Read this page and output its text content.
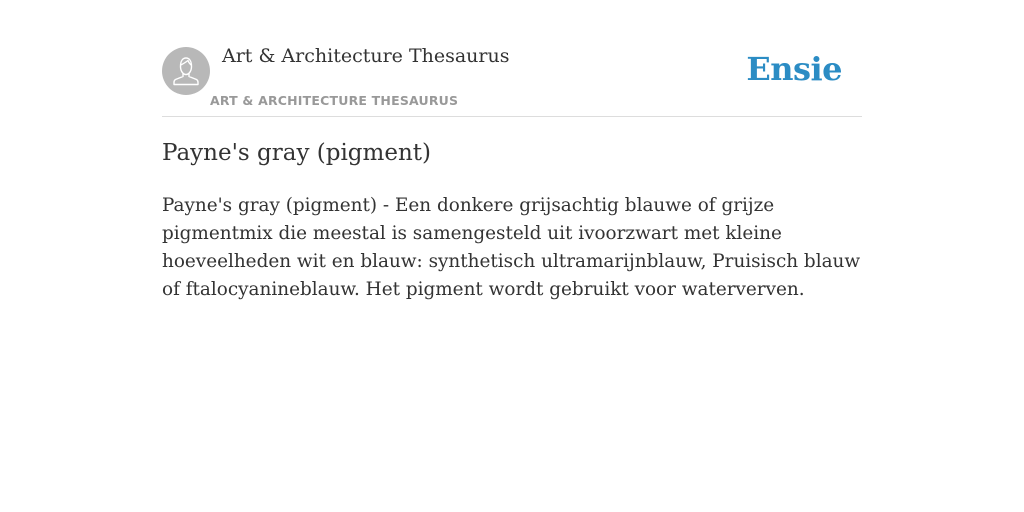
Art & Architecture Thesaurus
ART & ARCHITECTURE THESAURUS
Ensie
Payne's gray (pigment)

Payne's gray (pigment) - Een donkere grijsachtig blauwe of grijze pigmentmix die meestal is samengesteld uit ivoorzwart met kleine hoeveelheden wit en blauw: synthetisch ultramarijnblauw, Pruisisch blauw of ftalocyanineblauw. Het pigment wordt gebruikt voor waterverven.
